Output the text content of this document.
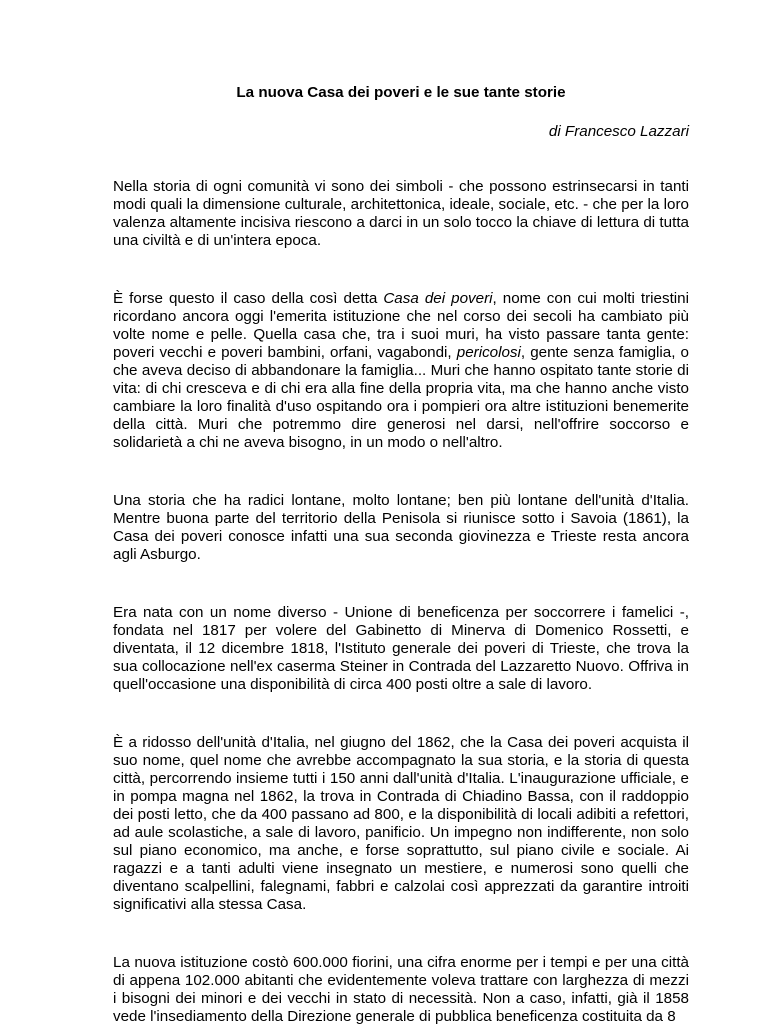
La nuova Casa dei poveri e le sue tante storie
di Francesco Lazzari

Nella storia di ogni comunità vi sono dei simboli - che possono estrinsecarsi in tanti modi quali la dimensione culturale, architettonica, ideale, sociale, etc. - che per la loro valenza altamente incisiva riescono a darci in un solo tocco la chiave di lettura di tutta una civiltà e di un'intera epoca.

È forse questo il caso della così detta Casa dei poveri, nome con cui molti triestini ricordano ancora oggi l'emerita istituzione che nel corso dei secoli ha cambiato più volte nome e pelle. Quella casa che, tra i suoi muri, ha visto passare tanta gente: poveri vecchi e poveri bambini, orfani, vagabondi, pericolosi, gente senza famiglia, o che aveva deciso di abbandonare la famiglia... Muri che hanno ospitato tante storie di vita: di chi cresceva e di chi era alla fine della propria vita, ma che hanno anche visto cambiare la loro finalità d'uso ospitando ora i pompieri ora altre istituzioni benemerite della città. Muri che potremmo dire generosi nel darsi, nell'offrire soccorso e solidarietà a chi ne aveva bisogno, in un modo o nell'altro.

Una storia che ha radici lontane, molto lontane; ben più lontane dell'unità d'Italia. Mentre buona parte del territorio della Penisola si riunisce sotto i Savoia (1861), la Casa dei poveri conosce infatti una sua seconda giovinezza e Trieste resta ancora agli Asburgo.

Era nata con un nome diverso - Unione di beneficenza per soccorrere i famelici -, fondata nel 1817 per volere del Gabinetto di Minerva di Domenico Rossetti, e diventata, il 12 dicembre 1818, l'Istituto generale dei poveri di Trieste, che trova la sua collocazione nell'ex caserma Steiner in Contrada del Lazzaretto Nuovo. Offriva in quell'occasione una disponibilità di circa 400 posti oltre a sale di lavoro.

È a ridosso dell'unità d'Italia, nel giugno del 1862, che la Casa dei poveri acquista il suo nome, quel nome che avrebbe accompagnato la sua storia, e la storia di questa città, percorrendo insieme tutti i 150 anni dall'unità d'Italia. L'inaugurazione ufficiale, e in pompa magna nel 1862, la trova in Contrada di Chiadino Bassa, con il raddoppio dei posti letto, che da 400 passano ad 800, e la disponibilità di locali adibiti a refettori, ad aule scolastiche, a sale di lavoro, panificio. Un impegno non indifferente, non solo sul piano economico, ma anche, e forse soprattutto, sul piano civile e sociale. Ai ragazzi e a tanti adulti viene insegnato un mestiere, e numerosi sono quelli che diventano scalpellini, falegnami, fabbri e calzolai così apprezzati da garantire introiti significativi alla stessa Casa.

La nuova istituzione costò 600.000 fiorini, una cifra enorme per i tempi e per una città di appena 102.000 abitanti che evidentemente voleva trattare con larghezza di mezzi i bisogni dei minori e dei vecchi in stato di necessità. Non a caso, infatti, già il 1858 vede l'insediamento della Direzione generale di pubblica beneficenza costituita da 8
